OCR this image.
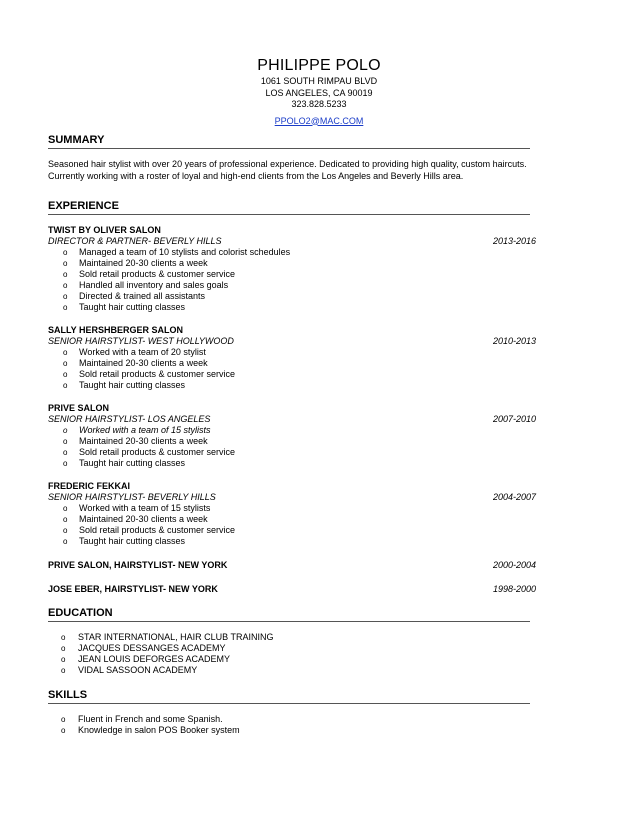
PHILIPPE POLO
1061 SOUTH RIMPAU BLVD
LOS ANGELES, CA 90019
323.828.5233
PPOLO2@MAC.COM
SUMMARY
Seasoned hair stylist with over 20 years of professional experience. Dedicated to providing high quality, custom haircuts. Currently working with a roster of loyal and high-end clients from the Los Angeles and Beverly Hills area.
EXPERIENCE
TWIST BY OLIVER SALON
DIRECTOR & PARTNER- BEVERLY HILLS	2013-2016
o Managed a team of 10 stylists and colorist schedules
o Maintained 20-30 clients a week
o Sold retail products & customer service
o Handled all inventory and sales goals
o Directed & trained all assistants
o Taught hair cutting classes
SALLY HERSHBERGER SALON
SENIOR HAIRSTYLIST- WEST HOLLYWOOD	2010-2013
o Worked with a team of 20 stylist
o Maintained 20-30 clients a week
o Sold retail products & customer service
o Taught hair cutting classes
PRIVE SALON
SENIOR HAIRSTYLIST- LOS ANGELES	2007-2010
o Worked with a team of 15 stylists
o Maintained 20-30 clients a week
o Sold retail products & customer service
o Taught hair cutting classes
FREDERIC FEKKAI
SENIOR HAIRSTYLIST- BEVERLY HILLS	2004-2007
o Worked with a team of 15 stylists
o Maintained 20-30 clients a week
o Sold retail products & customer service
o Taught hair cutting classes
PRIVE SALON, HAIRSTYLIST- NEW YORK	2000-2004
JOSE EBER, HAIRSTYLIST- NEW YORK	1998-2000
EDUCATION
o STAR INTERNATIONAL, HAIR CLUB TRAINING
o JACQUES DESSANGES ACADEMY
o JEAN LOUIS DEFORGES ACADEMY
o VIDAL SASSOON ACADEMY
SKILLS
o Fluent in French and some Spanish.
o Knowledge in salon POS Booker system
